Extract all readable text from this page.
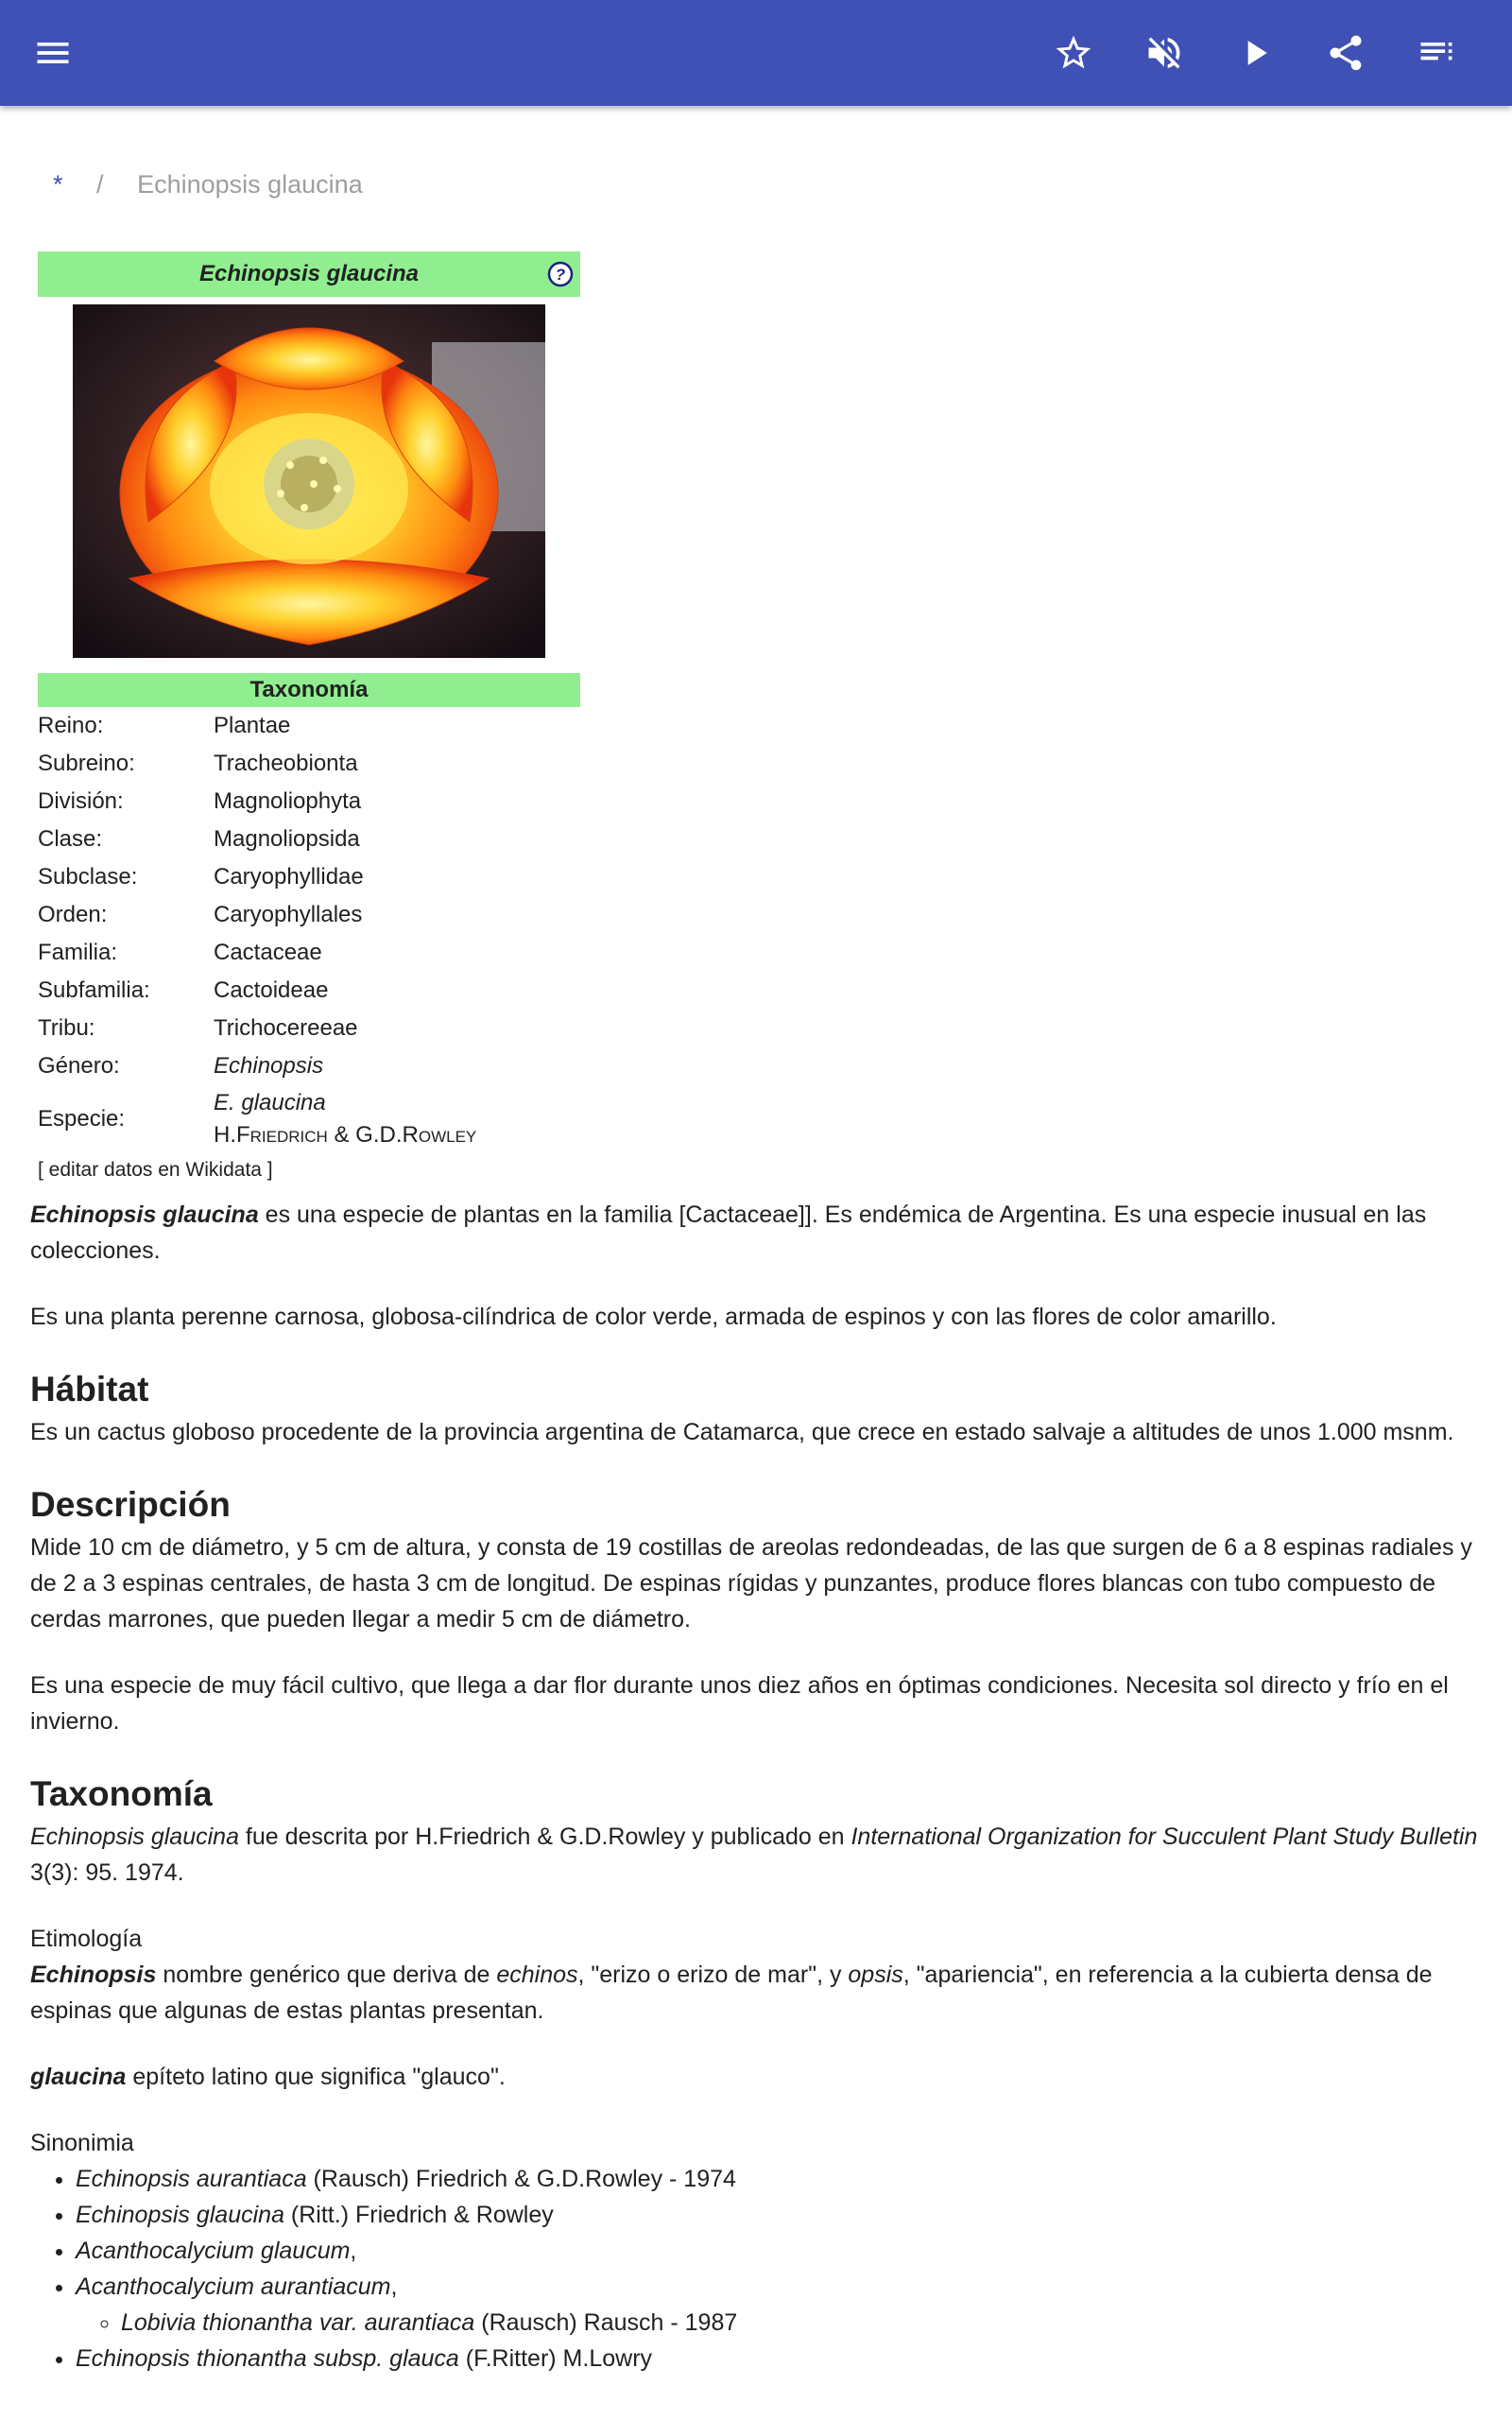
* / Echinopsis glaucina
Echinopsis glaucina	?
Taxonomía
Reino:	Plantae
Subreino:	Tracheobionta
División:	Magnoliophyta
Clase:	Magnoliopsida
Subclase:	Caryophyllidae
Orden:	Caryophyllales
Familia:	Cactaceae
Subfamilia:	Cactoideae
Tribu:	Trichocereeae
Género:	Echinopsis
Especie:	E. glaucina
H.Friedrich & G.D.Rowley
[ editar datos en Wikidata ]

Echinopsis glaucina es una especie de plantas en la familia [Cactaceae]]. Es endémica de Argentina. Es una especie inusual en las colecciones.

Es una planta perenne carnosa, globosa-cilíndrica de color verde, armada de espinos y con las flores de color amarillo.

Hábitat

Es un cactus globoso procedente de la provincia argentina de Catamarca, que crece en estado salvaje a altitudes de unos 1.000 msnm.

Descripción

Mide 10 cm de diámetro, y 5 cm de altura, y consta de 19 costillas de areolas redondeadas, de las que surgen de 6 a 8 espinas radiales y de 2 a 3 espinas centrales, de hasta 3 cm de longitud. De espinas rígidas y punzantes, produce flores blancas con tubo compuesto de cerdas marrones, que pueden llegar a medir 5 cm de diámetro.

Es una especie de muy fácil cultivo, que llega a dar flor durante unos diez años en óptimas condiciones. Necesita sol directo y frío en el invierno.

Taxonomía

Echinopsis glaucina fue descrita por H.Friedrich & G.D.Rowley y publicado en International Organization for Succulent Plant Study Bulletin 3(3): 95. 1974.

Etimología

Echinopsis nombre genérico que deriva de echinos, "erizo o erizo de mar", y opsis, "apariencia", en referencia a la cubierta densa de espinas que algunas de estas plantas presentan.

glaucina epíteto latino que significa "glauco".

Sinonimia
• Echinopsis aurantiaca (Rausch) Friedrich & G.D.Rowley - 1974
• Echinopsis glaucina (Ritt.) Friedrich & Rowley
• Acanthocalycium glaucum,
• Acanthocalycium aurantiacum,
◦ Lobivia thionantha var. aurantiaca (Rausch) Rausch - 1987
• Echinopsis thionantha subsp. glauca (F.Ritter) M.Lowry
